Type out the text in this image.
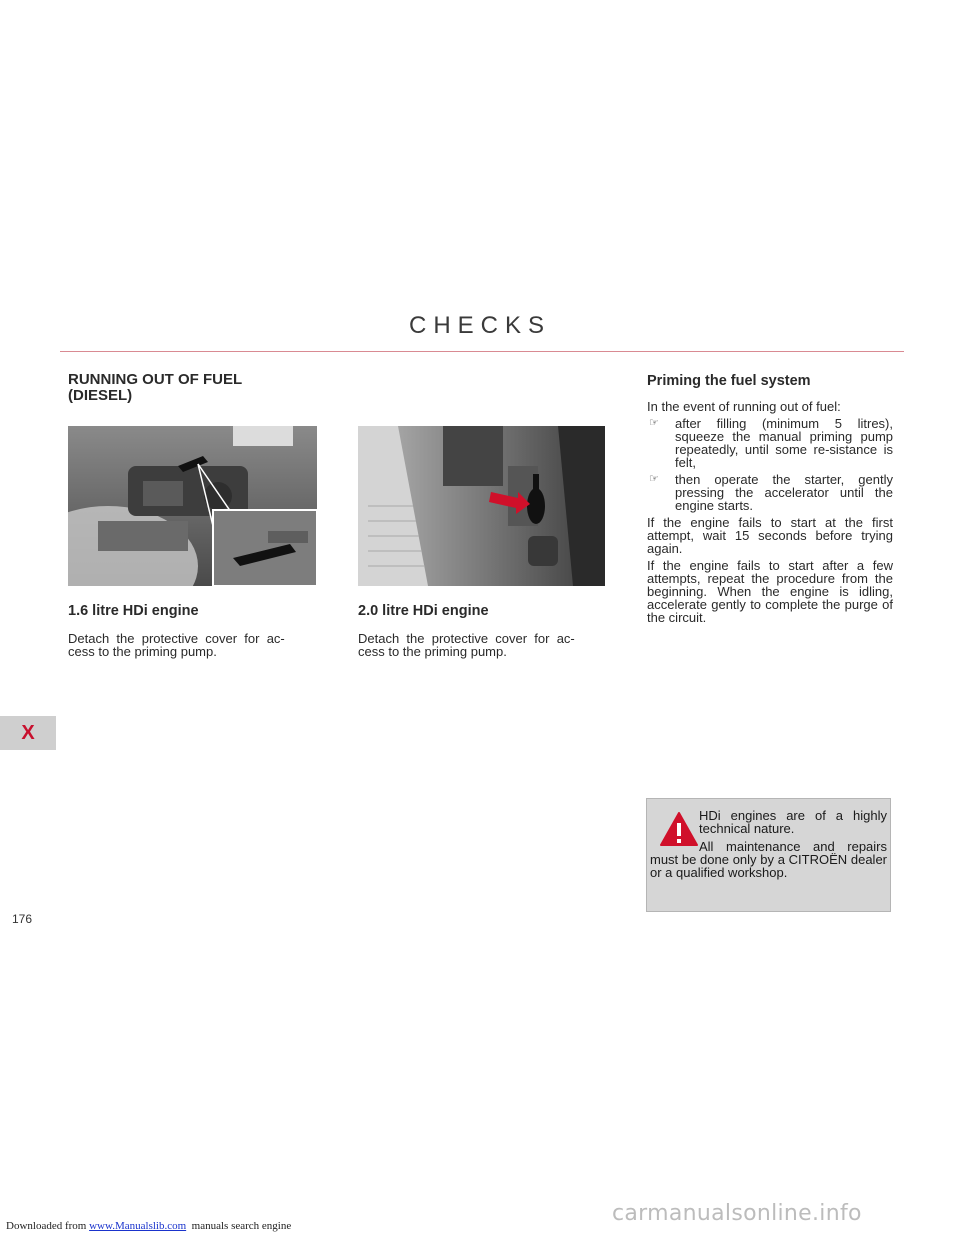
CHECKS
RUNNING OUT OF FUEL
(DIESEL)
1.6 litre HDi engine
Detach  the  protective  cover  for  ac-
cess to the priming pump.
2.0 litre HDi engine
Detach  the  protective  cover  for  ac-
cess to the priming pump.
Priming the fuel system

In the event of running out of fuel:

☞	after filling (minimum 5 litres), squeeze the manual priming pump repeatedly, until some re-sistance is felt,
☞	then operate the starter, gently pressing the accelerator until the engine starts.

If the engine fails to start at the first attempt, wait 15 seconds before trying again.

If the engine fails to start after a few attempts, repeat the procedure from the beginning. When the engine is idling, accelerate gently to complete the purge of the circuit.

X
176
HDi engines are of a highly technical nature.
All maintenance and repairs must be done only by a CITROËN dealer or a qualified workshop.
carmanualsonline.info
Downloaded from www.Manualslib.com  manuals search engine
